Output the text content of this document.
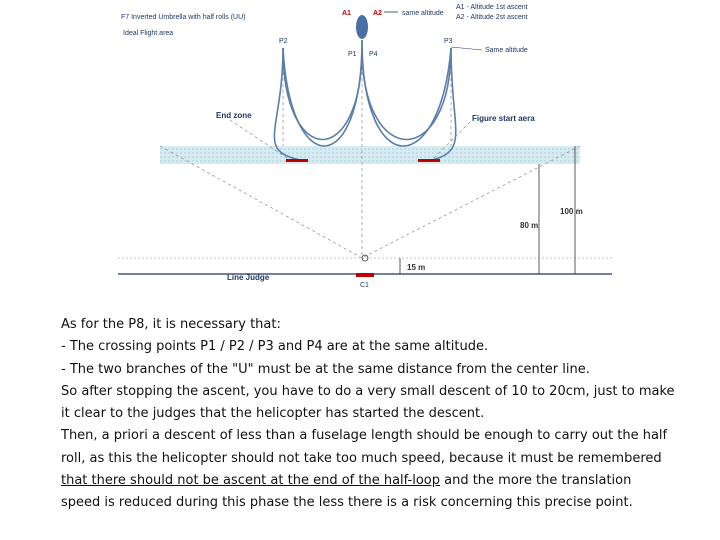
F7 Inverted Umbrella with half rolls (UU)
Ideal Flight area
A1	A2	same altitude
A1 - Altitude 1st ascent
A2 - Altitude 2st ascent
P2	P3
P1 P4
Same altitude
End zone	Figure start aera
80 m
100 m
15 m
Line Judge
C1

As for the P8, it is necessary that:

- The crossing points P1 / P2 / P3 and P4 are at the same altitude.

- The two branches of the "U" must be at the same distance from the center line.

So after stopping the ascent, you have to do a very small descent of 10 to 20cm, just to make

it clear to the judges that the helicopter has started the descent.

Then, a priori a descent of less than a fuselage length should be enough to carry out the half

roll, as this the helicopter should not take too much speed, because it must be remembered

that there should not be ascent at the end of the half-loop and the more the translation

speed is reduced during this phase the less there is a risk concerning this precise point.
